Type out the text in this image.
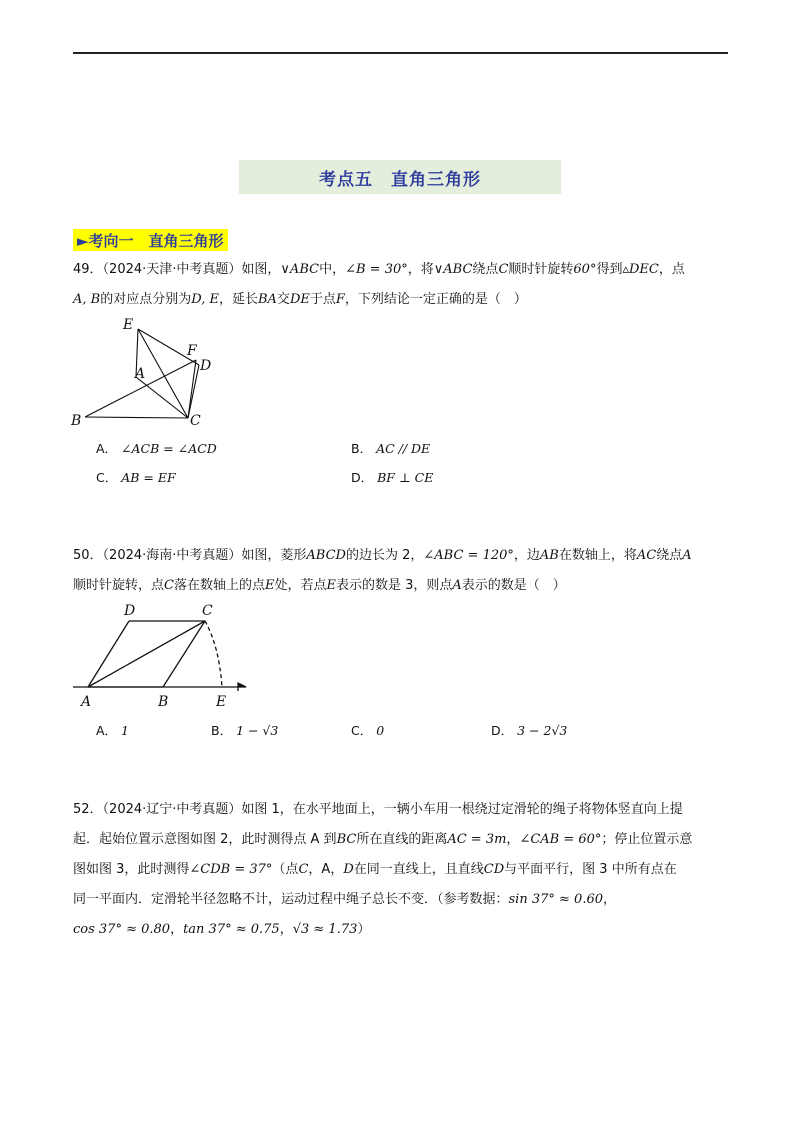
考点五　直角三角形
►考向一　直角三角形
49．（2024·天津·中考真题）如图，∨ABC中，∠B = 30°，将∨ABC绕点C顺时针旋转60°得到▵DEC，点
A, B的对应点分别为D, E，延长BA交DE于点F，下列结论一定正确的是（　）
E
F
D
A
B	C
A． ∠ACB = ∠ACD	B． AC // DE
C． AB = EF	D． BF ⊥ CE
50．（2024·海南·中考真题）如图，菱形ABCD的边长为 2，∠ABC = 120°，边AB在数轴上，将AC绕点A
顺时针旋转，点C落在数轴上的点E处，若点E表示的数是 3，则点A表示的数是（　）
D	C
A	B	E
A． 1	B． 1 − √3	C． 0	D． 3 − 2√3
52．（2024·辽宁·中考真题）如图 1，在水平地面上，一辆小车用一根绕过定滑轮的绳子将物体竖直向上提
起．起始位置示意图如图 2，此时测得点 A 到BC所在直线的距离AC = 3m，∠CAB = 60°；停止位置示意
图如图 3，此时测得∠CDB = 37°（点C，A，D在同一直线上，且直线CD与平面平行，图 3 中所有点在
同一平面内．定滑轮半径忽略不计，运动过程中绳子总长不变．（参考数据：sin 37° ≈ 0.60，
cos 37° ≈ 0.80，tan 37° ≈ 0.75，√3 ≈ 1.73）
